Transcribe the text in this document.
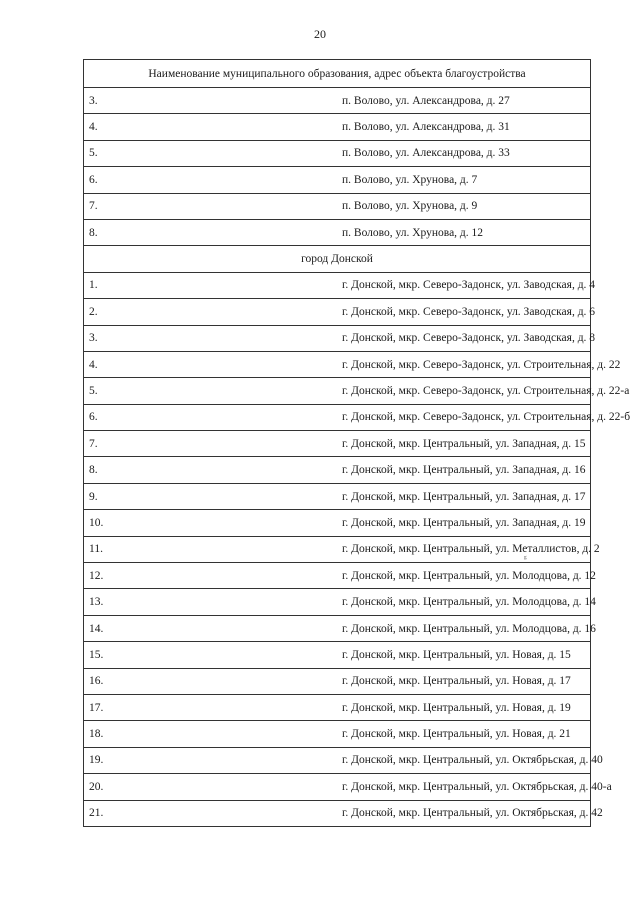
20
Наименование муниципального образования, адрес объекта благоустройства	
3.	п. Волово, ул. Александрова, д. 27
4.	п. Волово, ул. Александрова, д. 31
5.	п. Волово, ул. Александрова, д. 33
6.	п. Волово, ул. Хрунова, д. 7
7.	п. Волово, ул. Хрунова, д. 9
8.	п. Волово, ул. Хрунова, д. 12
город Донской	
1.	г. Донской, мкр. Северо-Задонск, ул. Заводская, д. 4
2.	г. Донской, мкр. Северо-Задонск, ул. Заводская, д. 6
3.	г. Донской, мкр. Северо-Задонск, ул. Заводская, д. 8
4.	г. Донской, мкр. Северо-Задонск, ул. Строительная, д. 22
5.	г. Донской, мкр. Северо-Задонск, ул. Строительная, д. 22-а
6.	г. Донской, мкр. Северо-Задонск, ул. Строительная, д. 22-б
7.	г. Донской, мкр. Центральный, ул. Западная, д. 15
8.	г. Донской, мкр. Центральный, ул. Западная, д. 16
9.	г. Донской, мкр. Центральный, ул. Западная, д. 17
10.	г. Донской, мкр. Центральный, ул. Западная, д. 19
11.	г. Донской, мкр. Центральный, ул. Металлистов, д. 2
12.	г. Донской, мкр. Центральный, ул. Молодцова, д. 12
13.	г. Донской, мкр. Центральный, ул. Молодцова, д. 14
14.	г. Донской, мкр. Центральный, ул. Молодцова, д. 16
15.	г. Донской, мкр. Центральный, ул. Новая, д. 15
16.	г. Донской, мкр. Центральный, ул. Новая, д. 17
17.	г. Донской, мкр. Центральный, ул. Новая, д. 19
18.	г. Донской, мкр. Центральный, ул. Новая, д. 21
19.	г. Донской, мкр. Центральный, ул. Октябрьская, д. 40
20.	г. Донской, мкр. Центральный, ул. Октябрьская, д. 40-а
21.	г. Донской, мкр. Центральный, ул. Октябрьская, д. 42
ᵍ
